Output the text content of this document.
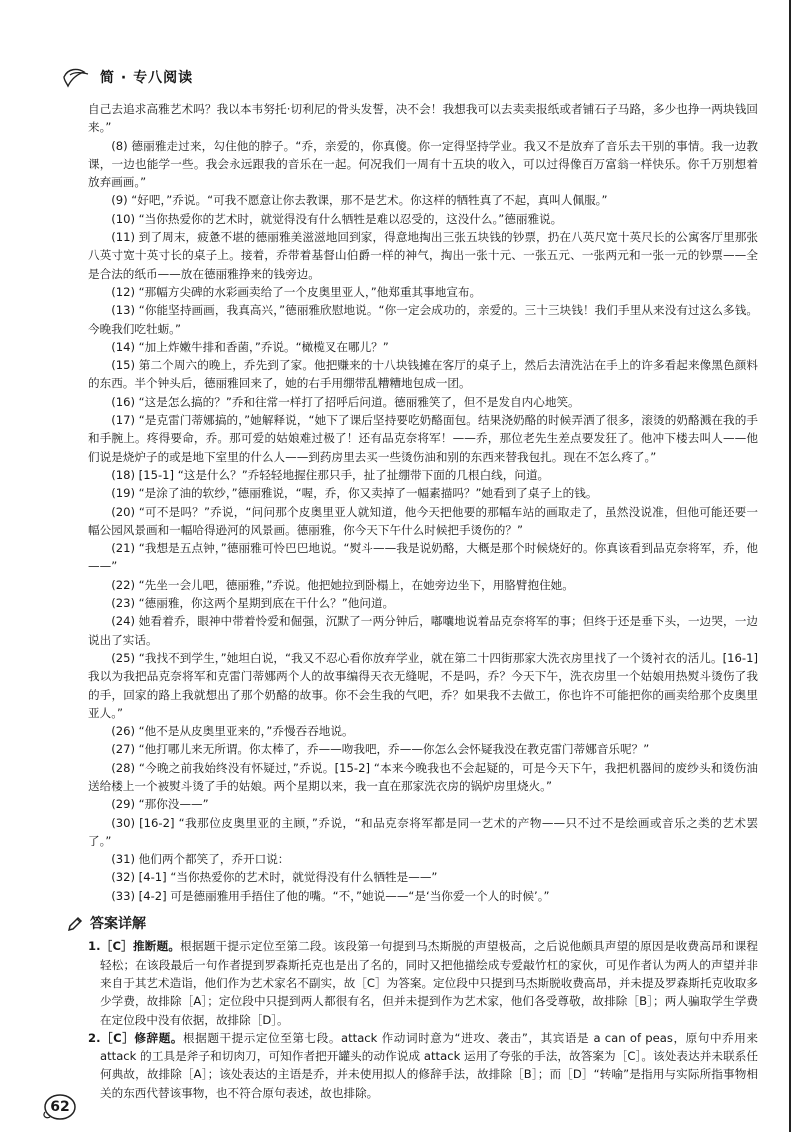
简 · 专八阅读

自己去追求高雅艺术吗？我以本韦努托·切利尼的骨头发誓，决不会！我想我可以去卖卖报纸或者铺石子马路，多少也挣一两块钱回来。”

(8) 德丽雅走过来，勾住他的脖子。“乔，亲爱的，你真傻。你一定得坚持学业。我又不是放弃了音乐去干别的事情。我一边教课，一边也能学一些。我会永远跟我的音乐在一起。何况我们一周有十五块的收入，可以过得像百万富翁一样快乐。你千万别想着放弃画画。”

(9) “好吧，”乔说。“可我不愿意让你去教课，那不是艺术。你这样的牺牲真了不起，真叫人佩服。”

(10) “当你热爱你的艺术时，就觉得没有什么牺牲是难以忍受的，这没什么。”德丽雅说。

(11) 到了周末，疲惫不堪的德丽雅美滋滋地回到家，得意地掏出三张五块钱的钞票，扔在八英尺宽十英尺长的公寓客厅里那张八英寸宽十英寸长的桌子上。接着，乔带着基督山伯爵一样的神气，掏出一张十元、一张五元、一张两元和一张一元的钞票——全是合法的纸币——放在德丽雅挣来的钱旁边。

(12) “那幅方尖碑的水彩画卖给了一个皮奥里亚人，”他郑重其事地宣布。

(13) “你能坚持画画，我真高兴，”德丽雅欣慰地说。“你一定会成功的，亲爱的。三十三块钱！我们手里从来没有过这么多钱。今晚我们吃牡蛎。”

(14) “加上炸嫩牛排和香菌，”乔说。“橄榄叉在哪儿？”

(15) 第二个周六的晚上，乔先到了家。他把赚来的十八块钱摊在客厅的桌子上，然后去清洗沾在手上的许多看起来像黑色颜料的东西。半个钟头后，德丽雅回来了，她的右手用绷带乱糟糟地包成一团。

(16) “这是怎么搞的？”乔和往常一样打了招呼后问道。德丽雅笑了，但不是发自内心地笑。

(17) “是克雷门蒂娜搞的，”她解释说，“她下了课后坚持要吃奶酪面包。结果浇奶酪的时候弄洒了很多，滚烫的奶酪溅在我的手和手腕上。疼得要命，乔。那可爱的姑娘难过极了！还有品克奈将军！——乔，那位老先生差点要发狂了。他冲下楼去叫人——他们说是烧炉子的或是地下室里的什么人——到药房里去买一些烫伤油和别的东西来替我包扎。现在不怎么疼了。”

(18) [15-1] “这是什么？”乔轻轻地握住那只手，扯了扯绷带下面的几根白线，问道。

(19) “是涂了油的软纱，”德丽雅说，“喔，乔，你又卖掉了一幅素描吗？”她看到了桌子上的钱。

(20) “可不是吗？”乔说，“问问那个皮奥里亚人就知道，他今天把他要的那幅车站的画取走了，虽然没说准，但他可能还要一幅公园风景画和一幅哈得逊河的风景画。德丽雅，你今天下午什么时候把手烫伤的？”

(21) “我想是五点钟，”德丽雅可怜巴巴地说。“熨斗——我是说奶酪，大概是那个时候烧好的。你真该看到品克奈将军，乔，他——”

(22) “先坐一会儿吧，德丽雅，”乔说。他把她拉到卧榻上，在她旁边坐下，用胳臂抱住她。

(23) “德丽雅，你这两个星期到底在干什么？”他问道。

(24) 她看着乔，眼神中带着怜爱和倔强，沉默了一两分钟后，嘟囔地说着品克奈将军的事；但终于还是垂下头，一边哭，一边说出了实话。

(25) “我找不到学生，”她坦白说，“我又不忍心看你放弃学业，就在第二十四街那家大洗衣房里找了一个烫衬衣的活儿。[16-1] 我以为我把品克奈将军和克雷门蒂娜两个人的故事编得天衣无缝呢，不是吗，乔？今天下午，洗衣房里一个姑娘用热熨斗烫伤了我的手，回家的路上我就想出了那个奶酪的故事。你不会生我的气吧，乔？如果我不去做工，你也许不可能把你的画卖给那个皮奥里亚人。”

(26) “他不是从皮奥里亚来的，”乔慢吞吞地说。

(27) “他打哪儿来无所谓。你太棒了，乔——吻我吧，乔——你怎么会怀疑我没在教克雷门蒂娜音乐呢？”

(28) “今晚之前我始终没有怀疑过，”乔说。[15-2] “本来今晚我也不会起疑的，可是今天下午，我把机器间的废纱头和烫伤油送给楼上一个被熨斗烫了手的姑娘。两个星期以来，我一直在那家洗衣房的锅炉房里烧火。”

(29) “那你没——”

(30) [16-2] “我那位皮奥里亚的主顾，”乔说，“和品克奈将军都是同一艺术的产物——只不过不是绘画或音乐之类的艺术罢了。”

(31) 他们两个都笑了，乔开口说：

(32) [4-1] “当你热爱你的艺术时，就觉得没有什么牺牲是——”

(33) [4-2] 可是德丽雅用手捂住了他的嘴。“不，”她说——“是‘当你爱一个人的时候’。”

答案详解

1.［C］推断题。根据题干提示定位至第二段。该段第一句提到马杰斯脱的声望极高，之后说他颇具声望的原因是收费高昂和课程轻松；在该段最后一句作者提到罗森斯托克也是出了名的，同时又把他描绘成专爱敲竹杠的家伙，可见作者认为两人的声望并非来自于其艺术造诣，他们作为艺术家名不副实，故［C］为答案。定位段中只提到马杰斯脱收费高昂，并未提及罗森斯托克收取多少学费，故排除［A］；定位段中只提到两人都很有名，但并未提到作为艺术家，他们各受尊敬，故排除［B］；两人骗取学生学费在定位段中没有依据，故排除［D］。

2.［C］修辞题。根据题干提示定位至第七段。attack 作动词时意为“进攻、袭击”，其宾语是 a can of peas，原句中乔用来 attack 的工具是斧子和切肉刀，可知作者把开罐头的动作说成 attack 运用了夸张的手法，故答案为［C］。该处表达并未联系任何典故，故排除［A］；该处表达的主语是乔，并未使用拟人的修辞手法，故排除［B］；而［D］“转喻”是指用与实际所指事物相关的东西代替该事物，也不符合原句表述，故也排除。

62
